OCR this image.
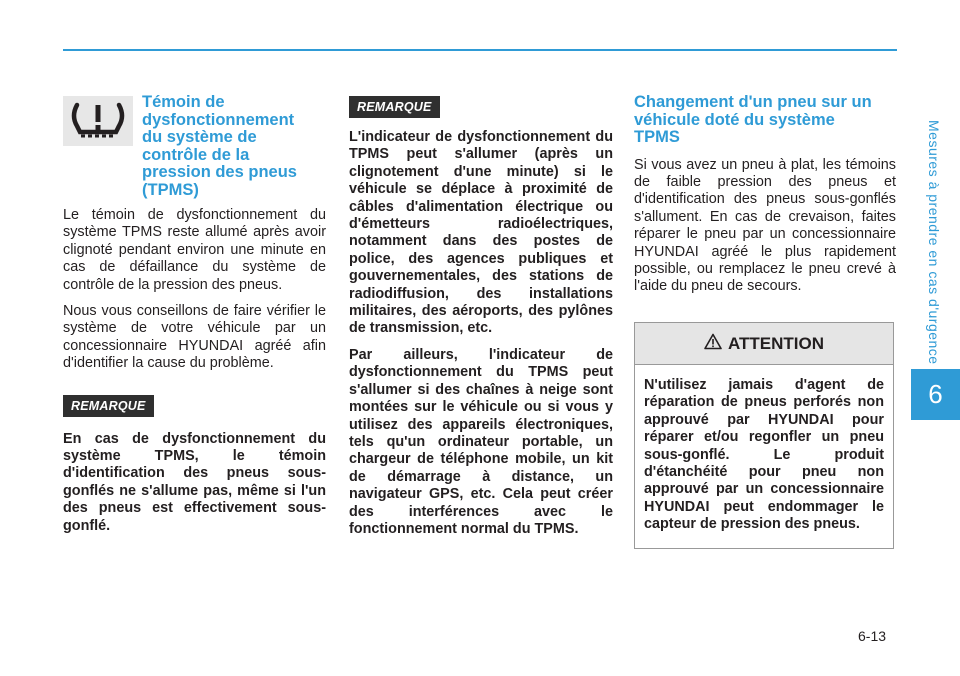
Mesures à prendre en cas d'urgence
6

Témoin de

dysfonctionnement

du système de

contrôle de la

pression des pneus

(TPMS)

Le témoin de dysfonctionnement du système TPMS reste allumé après avoir clignoté pendant environ une minute en cas de défaillance du système de contrôle de la pression des pneus.

Nous vous conseillons de faire vérifier le système de votre véhicule par un concessionnaire HYUNDAI agréé afin d'identifier la cause du problème.

REMARQUE

En cas de dysfonctionnement du système TPMS, le témoin d'identification des pneus sous-gonflés ne s'allume pas, même si l'un des pneus est effectivement sous-gonflé.

REMARQUE

L'indicateur de dysfonctionnement du TPMS peut s'allumer (après un clignotement d'une minute) si le véhicule se déplace à proximité de câbles d'alimentation électrique ou d'émetteurs radioélectriques, notamment dans des postes de police, des agences publiques et gouvernementales, des stations de radiodiffusion, des installations militaires, des aéroports, des pylônes de transmission, etc.

Par ailleurs, l'indicateur de dysfonctionnement du TPMS peut s'allumer si des chaînes à neige sont montées sur le véhicule ou si vous y utilisez des appareils électroniques, tels qu'un ordinateur portable, un chargeur de téléphone mobile, un kit de démarrage à distance, un navigateur GPS, etc. Cela peut créer des interférences avec le fonctionnement normal du TPMS.

Changement d'un pneu sur un

véhicule doté du système

TPMS

Si vous avez un pneu à plat, les témoins de faible pression des pneus et d'identification des pneus sous-gonflés s'allument. En cas de crevaison, faites réparer le pneu par un concessionnaire HYUNDAI agréé le plus rapidement possible, ou remplacez le pneu crevé à l'aide du pneu de secours.

ATTENTION

N'utilisez jamais d'agent de réparation de pneus perforés non approuvé par HYUNDAI pour réparer et/ou regonfler un pneu sous-gonflé. Le produit d'étanchéité pour pneu non approuvé par un concessionnaire HYUNDAI peut endommager le capteur de pression des pneus.

6-13
